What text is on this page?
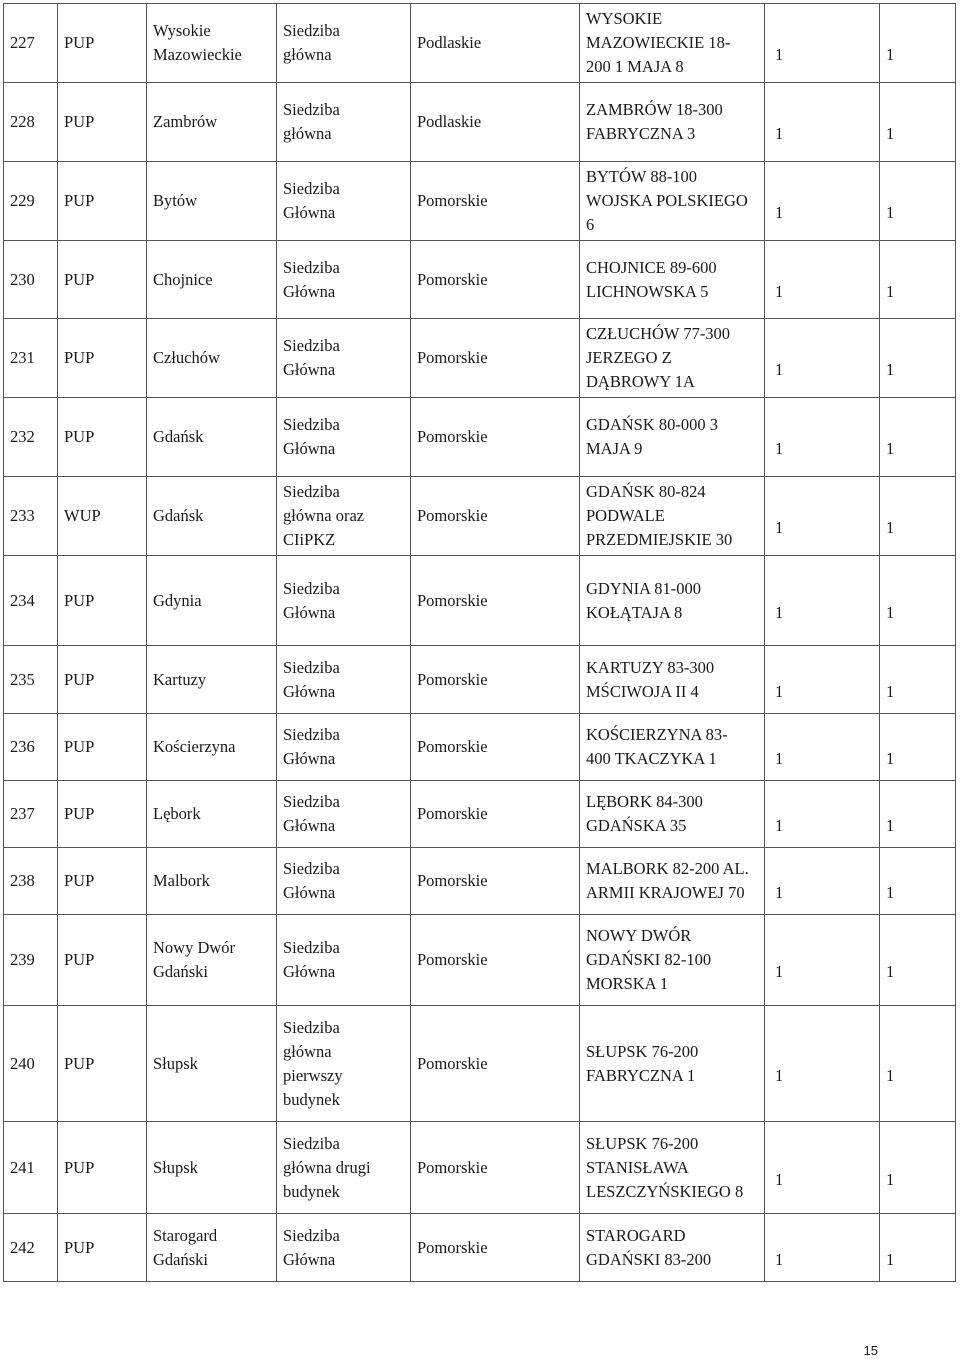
227	PUP	Wysokie
Mazowieckie	Siedziba
główna	Podlaskie	WYSOKIE
MAZOWIECKIE 18-
200 1 MAJA 8	1	1
228	PUP	Zambrów	Siedziba
główna	Podlaskie	ZAMBRÓW 18-300
FABRYCZNA 3	1	1
229	PUP	Bytów	Siedziba
Główna	Pomorskie	BYTÓW 88-100
WOJSKA POLSKIEGO
6	1	1
230	PUP	Chojnice	Siedziba
Główna	Pomorskie	CHOJNICE 89-600
LICHNOWSKA 5	1	1
231	PUP	Człuchów	Siedziba
Główna	Pomorskie	CZŁUCHÓW 77-300
JERZEGO Z
DĄBROWY 1A	1	1
232	PUP	Gdańsk	Siedziba
Główna	Pomorskie	GDAŃSK 80-000 3
MAJA 9	1	1
233	WUP	Gdańsk	Siedziba
główna oraz
CIiPKZ	Pomorskie	GDAŃSK 80-824
PODWALE
PRZEDMIEJSKIE 30	1	1
234	PUP	Gdynia	Siedziba
Główna	Pomorskie	GDYNIA 81-000
KOŁĄTAJA 8	1	1
235	PUP	Kartuzy	Siedziba
Główna	Pomorskie	KARTUZY 83-300
MŚCIWOJA II 4	1	1
236	PUP	Kościerzyna	Siedziba
Główna	Pomorskie	KOŚCIERZYNA 83-
400 TKACZYKA 1	1	1
237	PUP	Lębork	Siedziba
Główna	Pomorskie	LĘBORK 84-300
GDAŃSKA 35	1	1
238	PUP	Malbork	Siedziba
Główna	Pomorskie	MALBORK 82-200 AL.
ARMII KRAJOWEJ 70	1	1
239	PUP	Nowy Dwór
Gdański	Siedziba
Główna	Pomorskie	NOWY DWÓR
GDAŃSKI 82-100
MORSKA 1	1	1
240	PUP	Słupsk	Siedziba
główna
pierwszy
budynek	Pomorskie	SŁUPSK 76-200
FABRYCZNA 1	1	1
241	PUP	Słupsk	Siedziba
główna drugi
budynek	Pomorskie	SŁUPSK 76-200
STANISŁAWA
LESZCZYŃSKIEGO 8	1	1
242	PUP	Starogard
Gdański	Siedziba
Główna	Pomorskie	STAROGARD
GDAŃSKI 83-200	1	1
15
